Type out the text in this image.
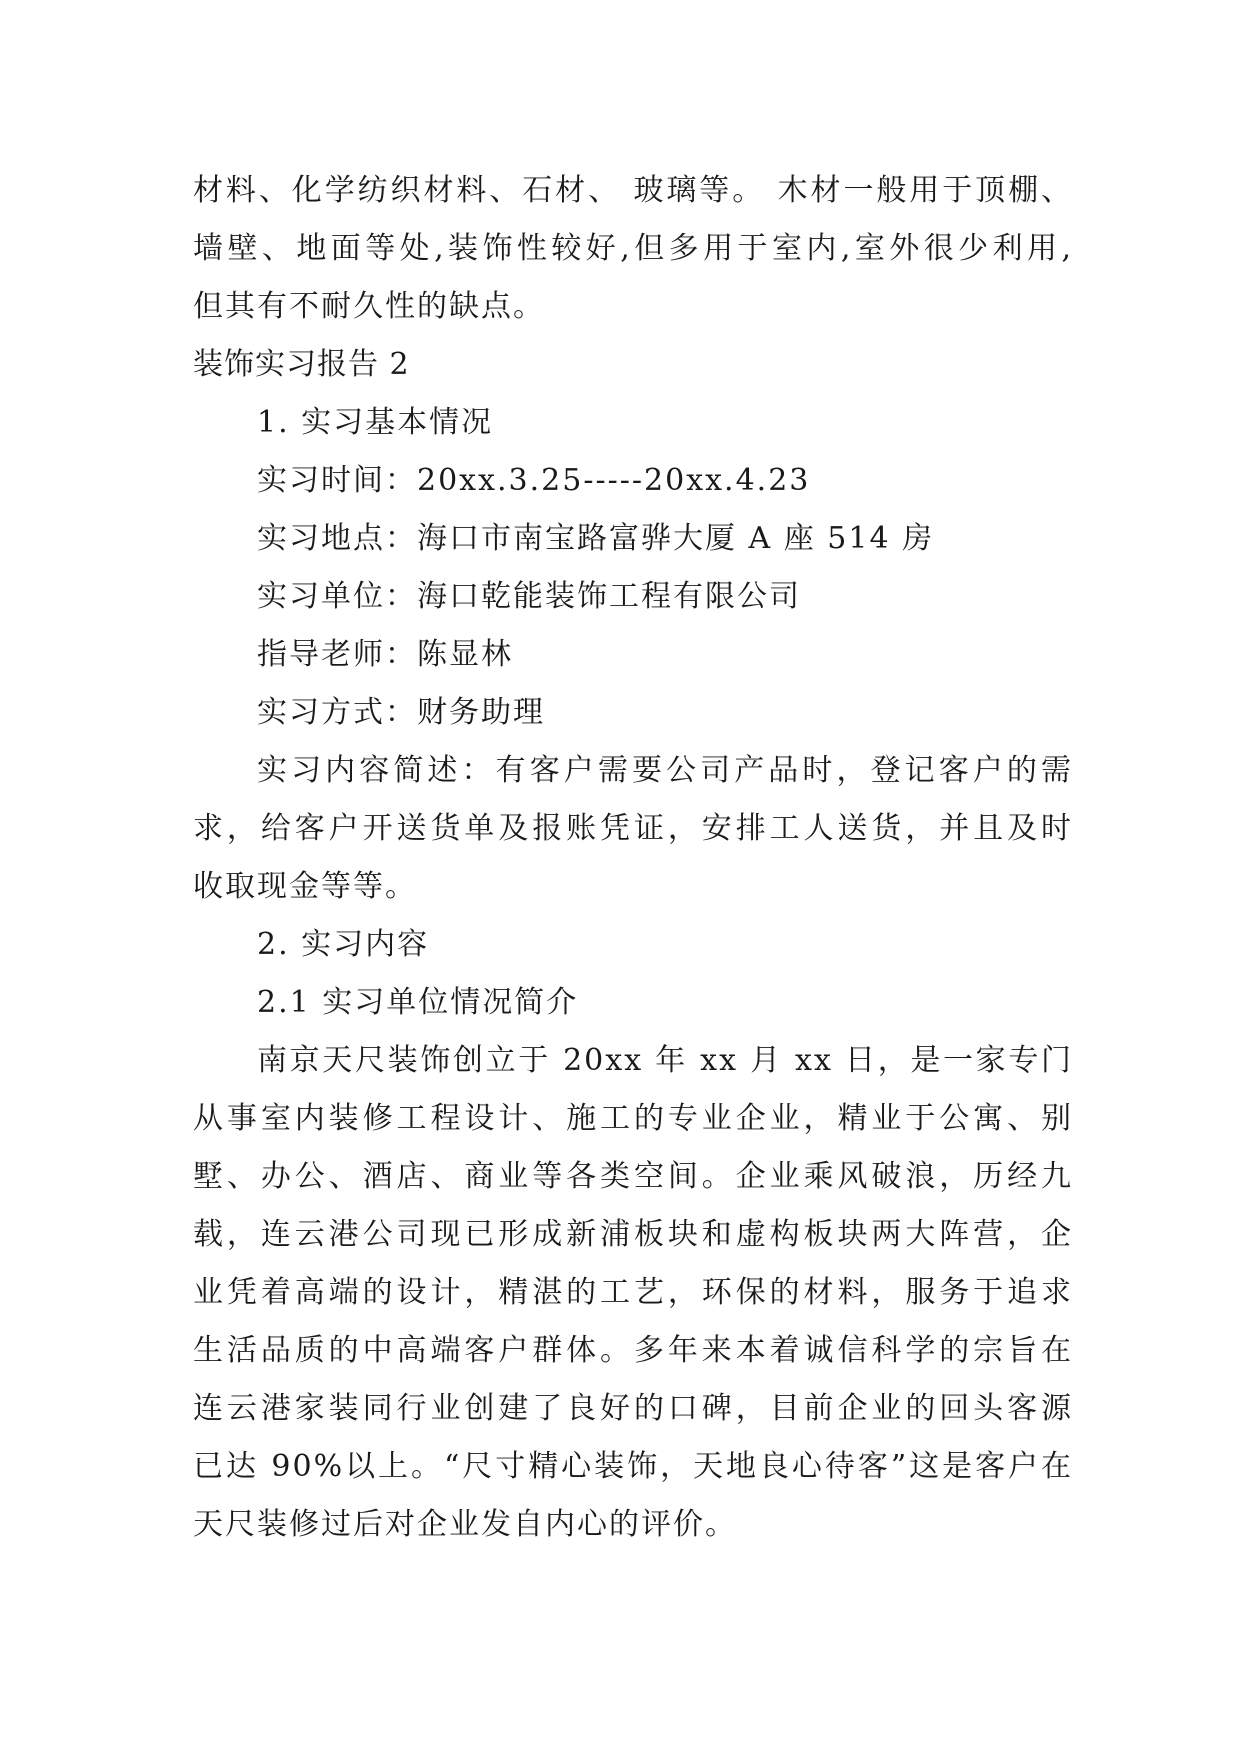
材料、化学纺织材料、石材、 玻璃等。 木材一般用于顶棚、
墙壁、地面等处,装饰性较好,但多用于室内,室外很少利用,
但其有不耐久性的缺点。
装饰实习报告 2
1. 实习基本情况
实习时间：20xx.3.25-----20xx.4.23
实习地点：海口市南宝路富骅大厦 A 座 514 房
实习单位：海口乾能装饰工程有限公司
指导老师：陈显林
实习方式：财务助理
实习内容简述：有客户需要公司产品时，登记客户的需
求，给客户开送货单及报账凭证，安排工人送货，并且及时
收取现金等等。
2. 实习内容
2.1 实习单位情况简介
南京天尺装饰创立于 20xx 年 xx 月 xx 日，是一家专门
从事室内装修工程设计、施工的专业企业，精业于公寓、别
墅、办公、酒店、商业等各类空间。企业乘风破浪，历经九
载，连云港公司现已形成新浦板块和虚构板块两大阵营，企
业凭着高端的设计，精湛的工艺，环保的材料，服务于追求
生活品质的中高端客户群体。多年来本着诚信科学的宗旨在
连云港家装同行业创建了良好的口碑，目前企业的回头客源
已达 90%以上。“尺寸精心装饰，天地良心待客”这是客户在
天尺装修过后对企业发自内心的评价。
